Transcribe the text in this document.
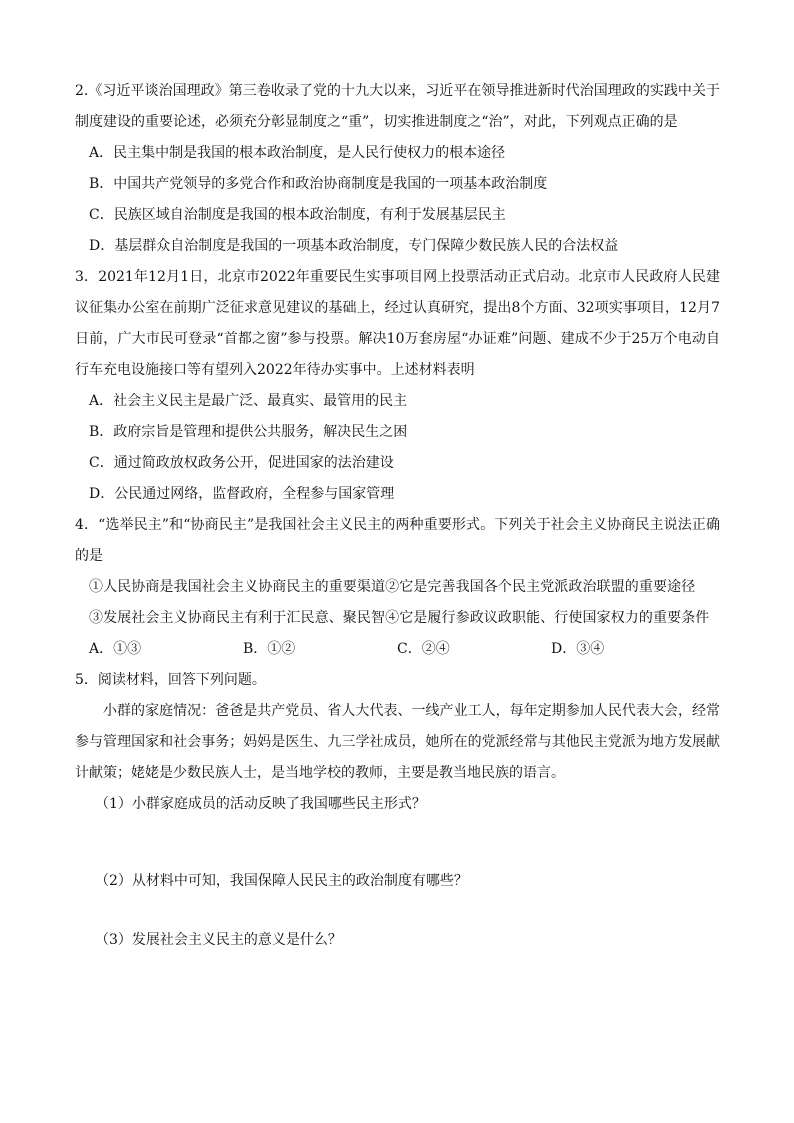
2.《习近平谈治国理政》第三卷收录了党的十九大以来，习近平在领导推进新时代治国理政的实践中关于制度建设的重要论述，必须充分彰显制度之“重”，切实推进制度之“治”，对此，下列观点正确的是
A．民主集中制是我国的根本政治制度，是人民行使权力的根本途径
B．中国共产党领导的多党合作和政治协商制度是我国的一项基本政治制度
C．民族区域自治制度是我国的根本政治制度，有利于发展基层民主
D．基层群众自治制度是我国的一项基本政治制度，专门保障少数民族人民的合法权益
3．2021年12月1日，北京市2022年重要民生实事项目网上投票活动正式启动。北京市人民政府人民建议征集办公室在前期广泛征求意见建议的基础上，经过认真研究，提出8个方面、32项实事项目，12月7日前，广大市民可登录“首都之窗”参与投票。解决10万套房屋“办证难”问题、建成不少于25万个电动自行车充电设施接口等有望列入2022年待办实事中。上述材料表明
A．社会主义民主是最广泛、最真实、最管用的民主
B．政府宗旨是管理和提供公共服务，解决民生之困
C．通过简政放权政务公开，促进国家的法治建设
D．公民通过网络，监督政府，全程参与国家管理
4．“选举民主”和“协商民主”是我国社会主义民主的两种重要形式。下列关于社会主义协商民主说法正确的是
①人民协商是我国社会主义协商民主的重要渠道②它是完善我国各个民主党派政治联盟的重要途径
③发展社会主义协商民主有利于汇民意、聚民智④它是履行参政议政职能、行使国家权力的重要条件
A．①③	B．①②	C．②④	D．③④
5．阅读材料，回答下列问题。
小群的家庭情况：爸爸是共产党员、省人大代表、一线产业工人，每年定期参加人民代表大会，经常参与管理国家和社会事务；妈妈是医生、九三学社成员，她所在的党派经常与其他民主党派为地方发展献计献策；姥姥是少数民族人士，是当地学校的教师，主要是教当地民族的语言。
（1）小群家庭成员的活动反映了我国哪些民主形式？
（2）从材料中可知，我国保障人民民主的政治制度有哪些？
（3）发展社会主义民主的意义是什么？
